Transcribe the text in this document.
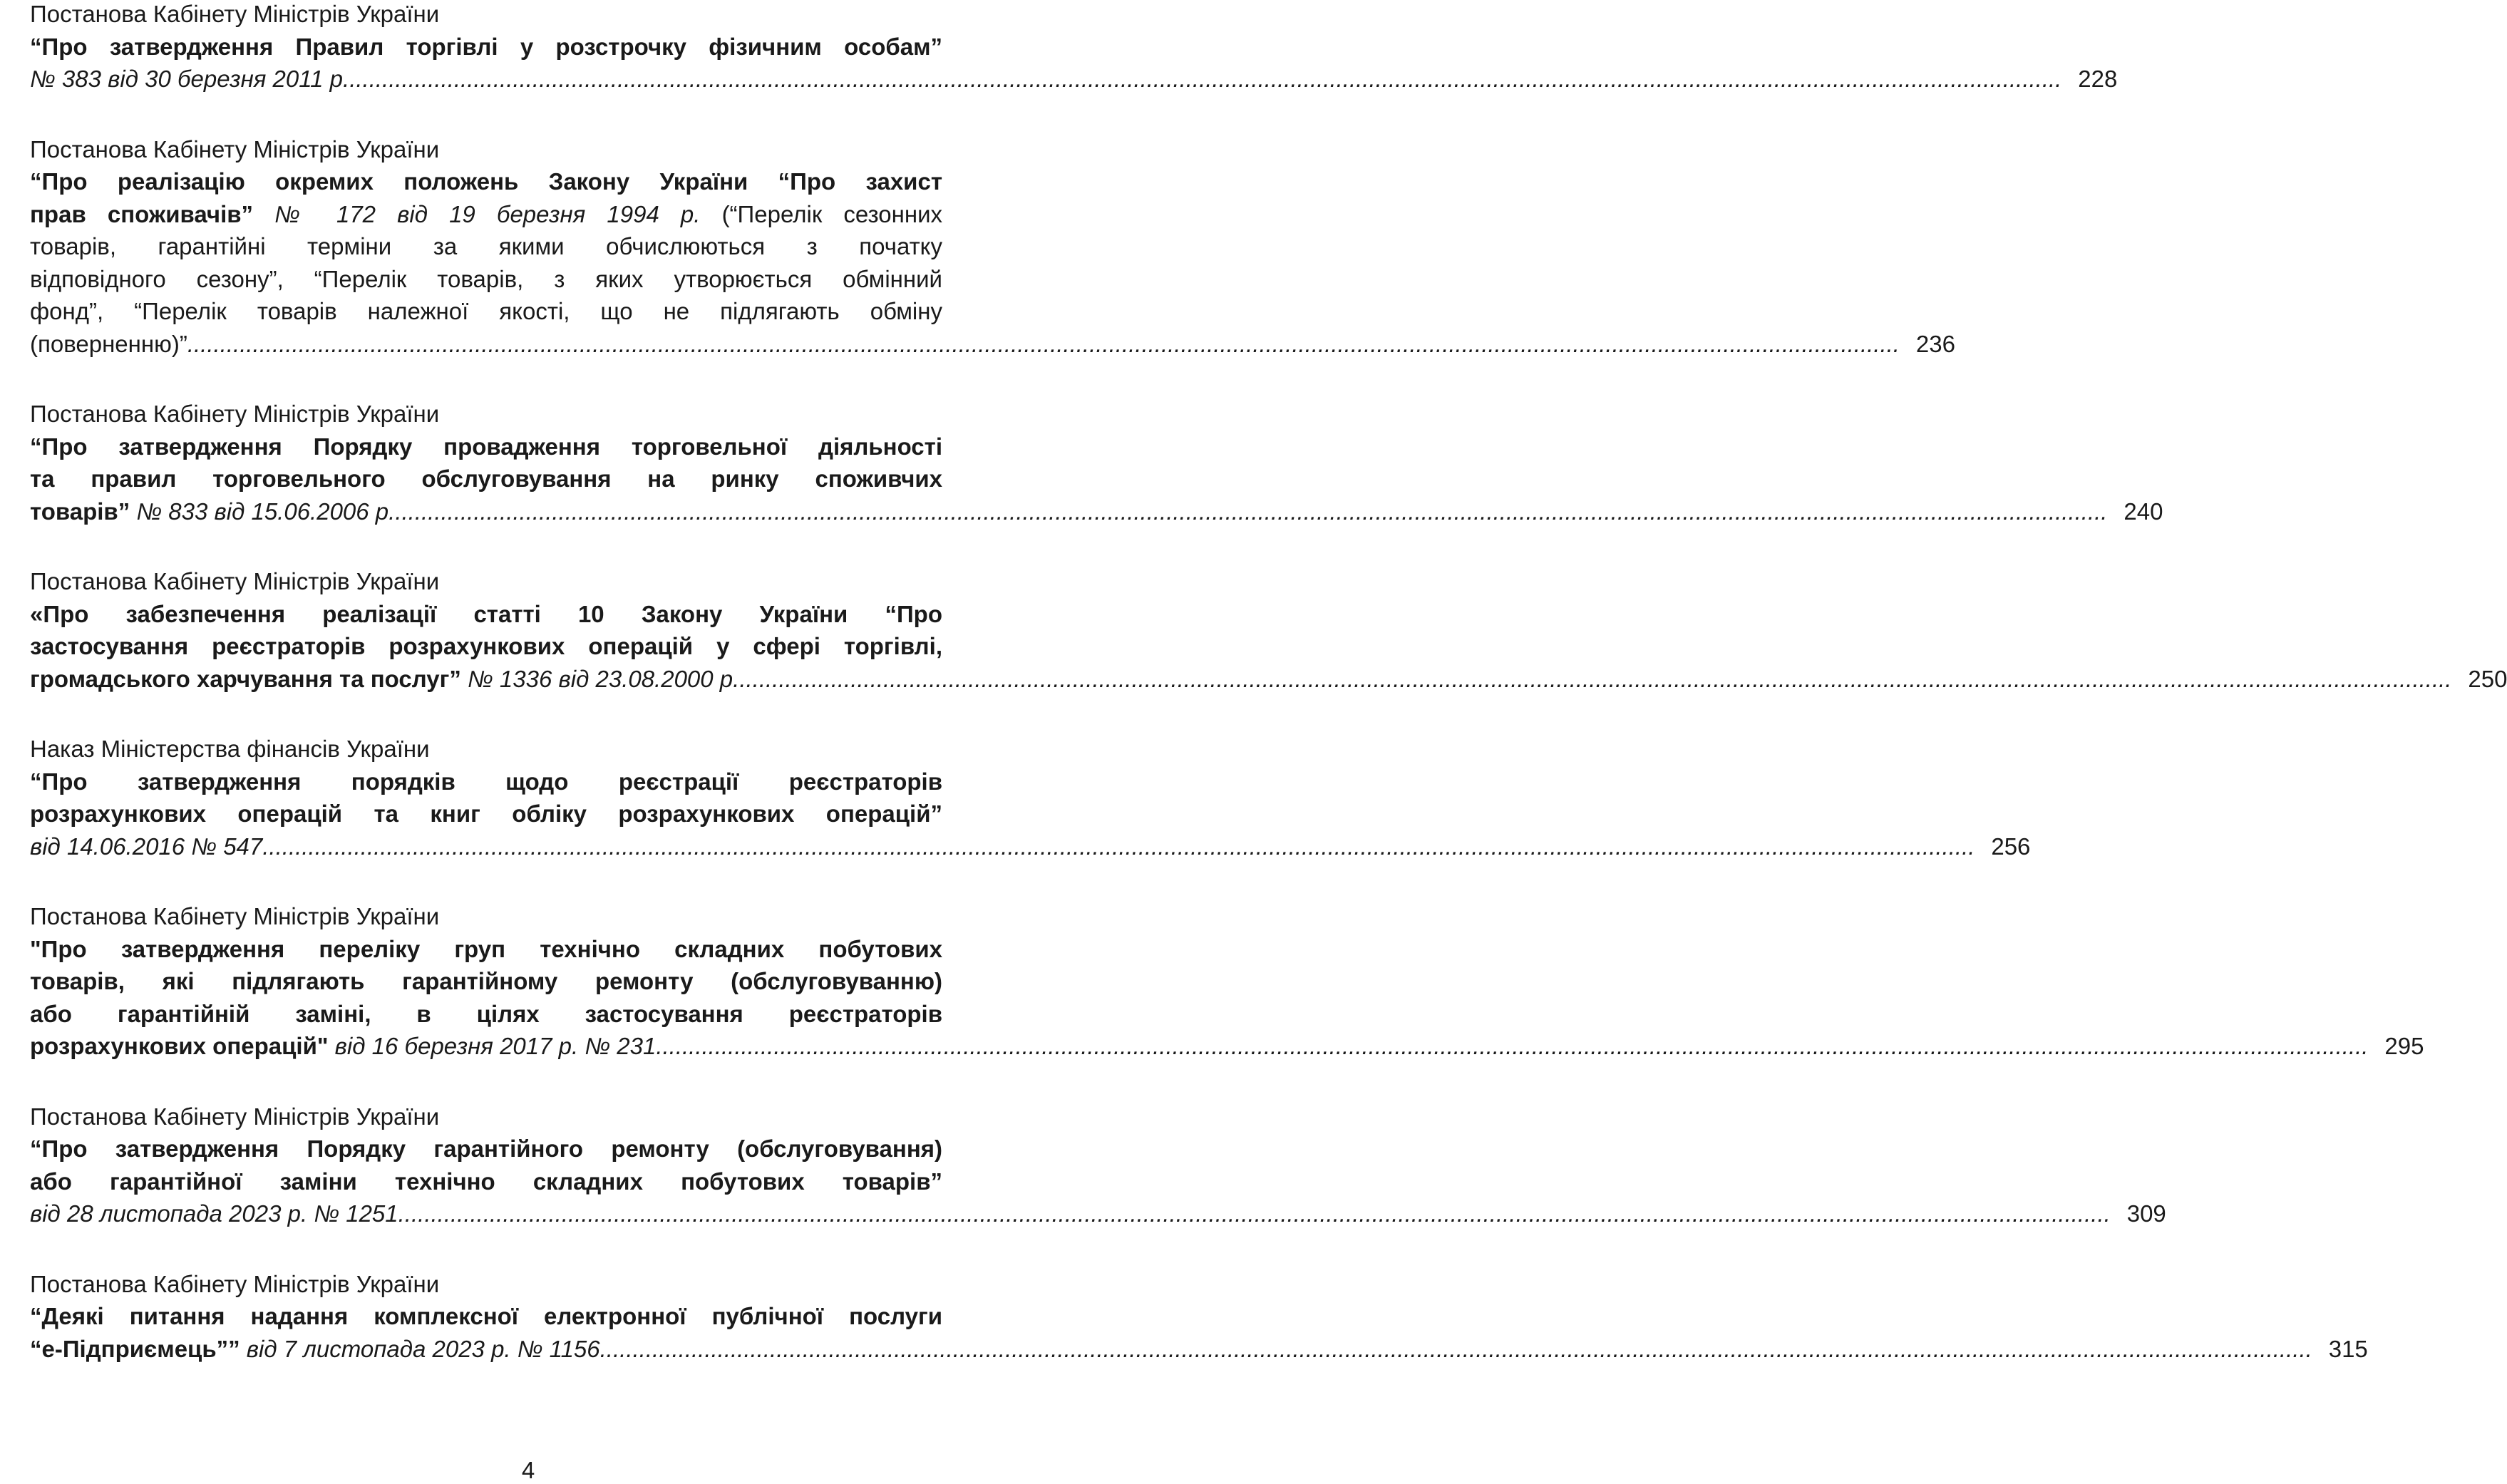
Постанова Кабінету Міністрів України
“Про затвердження Правил торгівлі у розстрочку фізичним особам”
№ 383 від 30 березня 2011 р. ...................................................................................................................................................................................................................................................................... 228
Постанова Кабінету Міністрів України
“Про реалізацію окремих положень Закону України “Про захист
прав споживачів” № 172 від 19 березня 1994 р. (“Перелік сезонних
товарів, гарантійні терміни за якими обчислюються з початку
відповідного сезону”, “Перелік товарів, з яких утворюється обмінний
фонд”, “Перелік товарів належної якості, що не підлягають обміну
(поверненню)” ...................................................................................................................................................................................................................................................................... 236
Постанова Кабінету Міністрів України
“Про затвердження Порядку провадження торговельної діяльності
та правил торговельного обслуговування на ринку споживчих
товарів” № 833 від 15.06.2006 р. ...................................................................................................................................................................................................................................................................... 240
Постанова Кабінету Міністрів України
«Про забезпечення реалізації статті 10 Закону України “Про
застосування реєстраторів розрахункових операцій у сфері торгівлі,
громадського харчування та послуг” № 1336 від 23.08.2000 р. ...................................................................................................................................................................................................................................................................... 250
Наказ Міністерства фінансів України
“Про затвердження порядків щодо реєстрації реєстраторів
розрахункових операцій та книг обліку розрахункових операцій”
від 14.06.2016 № 547 ...................................................................................................................................................................................................................................................................... 256
Постанова Кабінету Міністрів України
"Про затвердження переліку груп технічно складних побутових
товарів, які підлягають гарантійному ремонту (обслуговуванню)
або гарантійній заміні, в цілях застосування реєстраторів
розрахункових операцій" від 16 березня 2017 р. № 231 ...................................................................................................................................................................................................................................................................... 295
Постанова Кабінету Міністрів України
“Про затвердження Порядку гарантійного ремонту (обслуговування)
або гарантійної заміни технічно складних побутових товарів”
від 28 листопада 2023 р. № 1251 ...................................................................................................................................................................................................................................................................... 309
Постанова Кабінету Міністрів України
“Деякі питання надання комплексної електронної публічної послуги
“е-Підприємець”” від 7 листопада 2023 р. № 1156 ...................................................................................................................................................................................................................................................................... 315
4
